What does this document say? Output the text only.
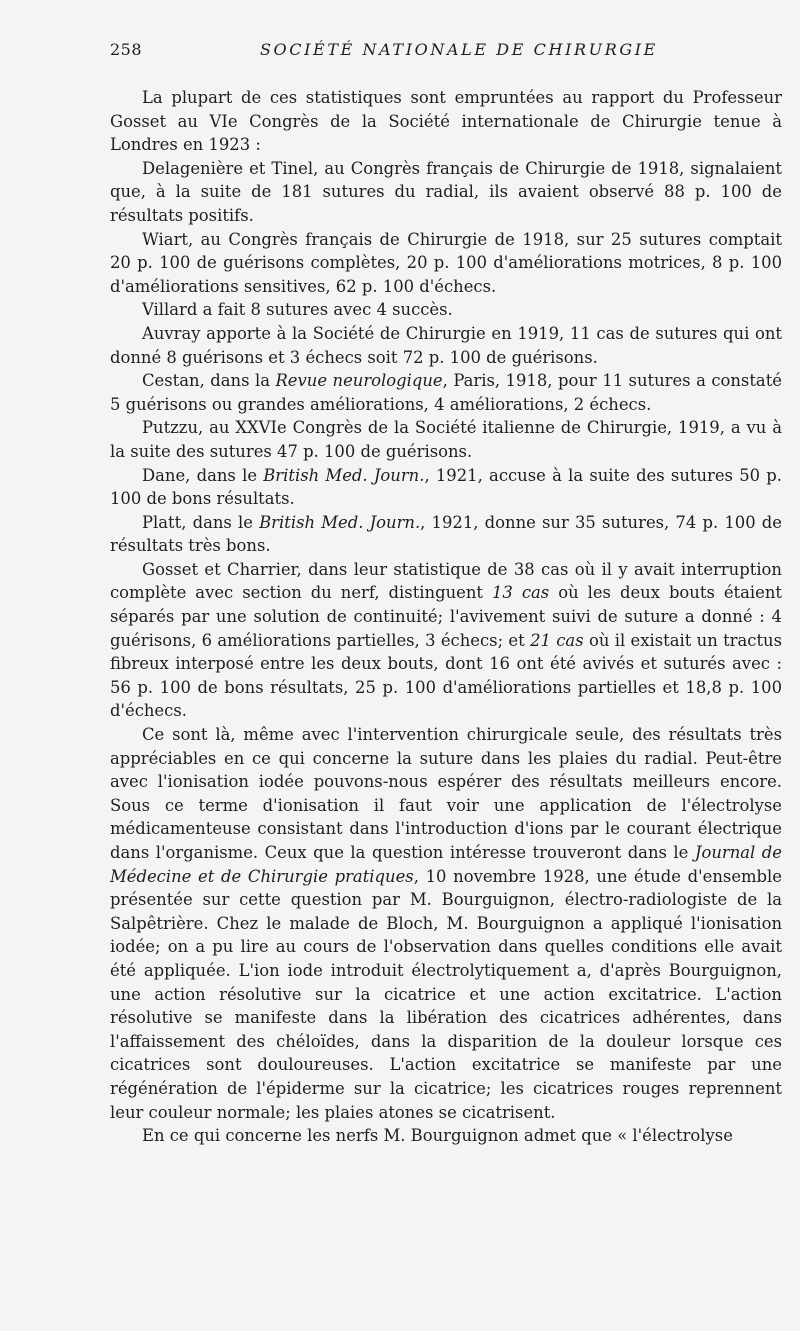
258	SOCIÉTÉ NATIONALE DE CHIRURGIE

La plupart de ces statistiques sont empruntées au rapport du Professeur Gosset au VIe Congrès de la Société internationale de Chirurgie tenue à Londres en 1923 :

Delagenière et Tinel, au Congrès français de Chirurgie de 1918, signalaient que, à la suite de 181 sutures du radial, ils avaient observé 88 p. 100 de résultats positifs.

Wiart, au Congrès français de Chirurgie de 1918, sur 25 sutures comptait 20 p. 100 de guérisons complètes, 20 p. 100 d'améliorations motrices, 8 p. 100 d'améliorations sensitives, 62 p. 100 d'échecs.

Villard a fait 8 sutures avec 4 succès.

Auvray apporte à la Société de Chirurgie en 1919, 11 cas de sutures qui ont donné 8 guérisons et 3 échecs soit 72 p. 100 de guérisons.

Cestan, dans la Revue neurologique, Paris, 1918, pour 11 sutures a constaté 5 guérisons ou grandes améliorations, 4 améliorations, 2 échecs.

Putzzu, au XXVIe Congrès de la Société italienne de Chirurgie, 1919, a vu à la suite des sutures 47 p. 100 de guérisons.

Dane, dans le British Med. Journ., 1921, accuse à la suite des sutures 50 p. 100 de bons résultats.

Platt, dans le British Med. Journ., 1921, donne sur 35 sutures, 74 p. 100 de résultats très bons.

Gosset et Charrier, dans leur statistique de 38 cas où il y avait interruption complète avec section du nerf, distinguent 13 cas où les deux bouts étaient séparés par une solution de continuité; l'avivement suivi de suture a donné : 4 guérisons, 6 améliorations partielles, 3 échecs; et 21 cas où il existait un tractus fibreux interposé entre les deux bouts, dont 16 ont été avivés et suturés avec : 56 p. 100 de bons résultats, 25 p. 100 d'améliorations partielles et 18,8 p. 100 d'échecs.

Ce sont là, même avec l'intervention chirurgicale seule, des résultats très appréciables en ce qui concerne la suture dans les plaies du radial. Peut-être avec l'ionisation iodée pouvons-nous espérer des résultats meilleurs encore. Sous ce terme d'ionisation il faut voir une application de l'électrolyse médicamenteuse consistant dans l'introduction d'ions par le courant électrique dans l'organisme. Ceux que la question intéresse trouveront dans le Journal de Médecine et de Chirurgie pratiques, 10 novembre 1928, une étude d'ensemble présentée sur cette question par M. Bourguignon, électro-radiologiste de la Salpêtrière. Chez le malade de Bloch, M. Bourguignon a appliqué l'ionisation iodée; on a pu lire au cours de l'observation dans quelles conditions elle avait été appliquée. L'ion iode introduit électrolytiquement a, d'après Bourguignon, une action résolutive sur la cicatrice et une action excitatrice. L'action résolutive se manifeste dans la libération des cicatrices adhérentes, dans l'affaissement des chéloïdes, dans la disparition de la douleur lorsque ces cicatrices sont douloureuses. L'action excitatrice se manifeste par une régénération de l'épiderme sur la cicatrice; les cicatrices rouges reprennent leur couleur normale; les plaies atones se cicatrisent.

En ce qui concerne les nerfs M. Bourguignon admet que « l'électrolyse
